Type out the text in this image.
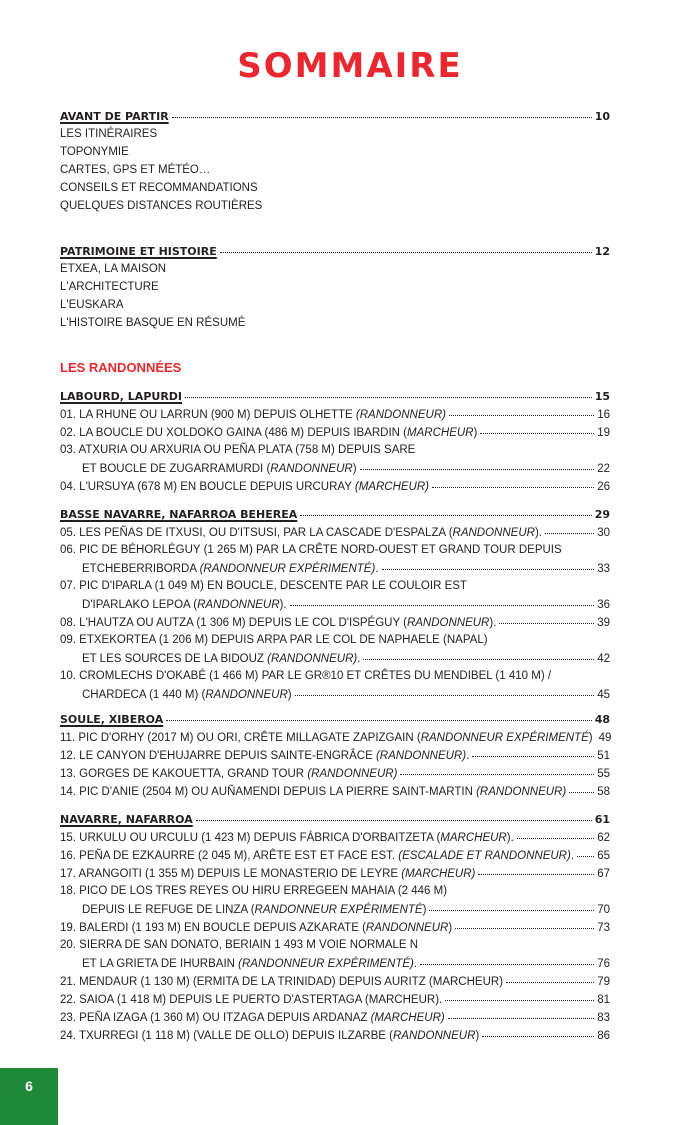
SOMMAIRE
AVANT DE PARTIR	10
LES ITINÉRAIRES
TOPONYMIE
CARTES, GPS ET MÉTÉO…
CONSEILS ET RECOMMANDATIONS
QUELQUES DISTANCES ROUTIÈRES
PATRIMOINE ET HISTOIRE	12
ETXEA, LA MAISON
L'ARCHITECTURE
L'EUSKARA
L'HISTOIRE BASQUE EN RÉSUMÉ
LES RANDONNÉES
LABOURD, LAPURDI	15
01. LA RHUNE OU LARRUN (900 M) DEPUIS OLHETTE (RANDONNEUR)	16
02. LA BOUCLE DU XOLDOKO GAINA (486 M) DEPUIS IBARDIN (MARCHEUR)	19
03. ATXURIA OU ARXURIA OU PEÑA PLATA (758 M) DEPUIS SARE
ET BOUCLE DE ZUGARRAMURDI (RANDONNEUR)	22
04. L'URSUYA (678 M) EN BOUCLE DEPUIS URCURAY (MARCHEUR)	26
BASSE NAVARRE, NAFARROA BEHEREA	29
05. LES PEÑAS DE ITXUSI, OU D'ITSUSI, PAR LA CASCADE D'ESPALZA (RANDONNEUR).	30
06. PIC DE BÉHORLÉGUY (1 265 M) PAR LA CRÊTE NORD-OUEST ET GRAND TOUR DEPUIS
ETCHEBERRIBORDA (RANDONNEUR EXPÉRIMENTÉ).	33
07. PIC D'IPARLA (1 049 M) EN BOUCLE, DESCENTE PAR LE COULOIR EST
D'IPARLAKO LEPOA (RANDONNEUR).	36
08. L'HAUTZA OU AUTZA (1 306 M) DEPUIS LE COL D'ISPÉGUY (RANDONNEUR).	39
09. ETXEKORTEA (1 206 M) DEPUIS ARPA PAR LE COL DE NAPHAELE (NAPAL)
ET LES SOURCES DE LA BIDOUZ (RANDONNEUR).	42
10. CROMLECHS D'OKABÉ (1 466 M) PAR LE GR®10 ET CRÊTES DU MENDIBEL (1 410 M) /
CHARDECA (1 440 M) (RANDONNEUR)	45
SOULE, XIBEROA	48
11. PIC D'ORHY (2017 M) OU ORI, CRÊTE MILLAGATE ZAPIZGAIN (RANDONNEUR EXPÉRIMENTÉ) 49
12. LE CANYON D'EHUJARRE DEPUIS SAINTE-ENGRÂCE (RANDONNEUR).	51
13. GORGES DE KAKOUETTA, GRAND TOUR (RANDONNEUR)	55
14. PIC D'ANIE (2504 M) OU AUÑAMENDI DEPUIS LA PIERRE SAINT-MARTIN (RANDONNEUR)	58
NAVARRE, NAFARROA	61
15. URKULU OU URCULU (1 423 M) DEPUIS FÁBRICA D'ORBAITZETA (MARCHEUR).	62
16. PEÑA DE EZKAURRE (2 045 M), ARÊTE EST ET FACE EST. (ESCALADE ET RANDONNEUR). 65
17. ARANGOITI (1 355 M) DEPUIS LE MONASTERIO DE LEYRE (MARCHEUR)	67
18. PICO DE LOS TRES REYES OU HIRU ERREGEEN MAHAIA (2 446 M)
DEPUIS LE REFUGE DE LINZA (RANDONNEUR EXPÉRIMENTÉ)	70
19. BALERDI (1 193 M) EN BOUCLE DEPUIS AZKARATE (RANDONNEUR)	73
20. SIERRA DE SAN DONATO, BERIAIN 1 493 M VOIE NORMALE N
ET LA GRIETA DE IHURBAIN (RANDONNEUR EXPÉRIMENTÉ).	76
21. MENDAUR (1 130 M) (ERMITA DE LA TRINIDAD) DEPUIS AURITZ (MARCHEUR)	79
22. SAIOA (1 418 M) DEPUIS LE PUERTO D'ASTERTAGA (MARCHEUR).	81
23. PEÑA IZAGA (1 360 M) OU ITZAGA DEPUIS ARDANAZ (MARCHEUR)	83
24. TXURREGI (1 118 M) (VALLE DE OLLO) DEPUIS ILZARBE (RANDONNEUR)	86
6
